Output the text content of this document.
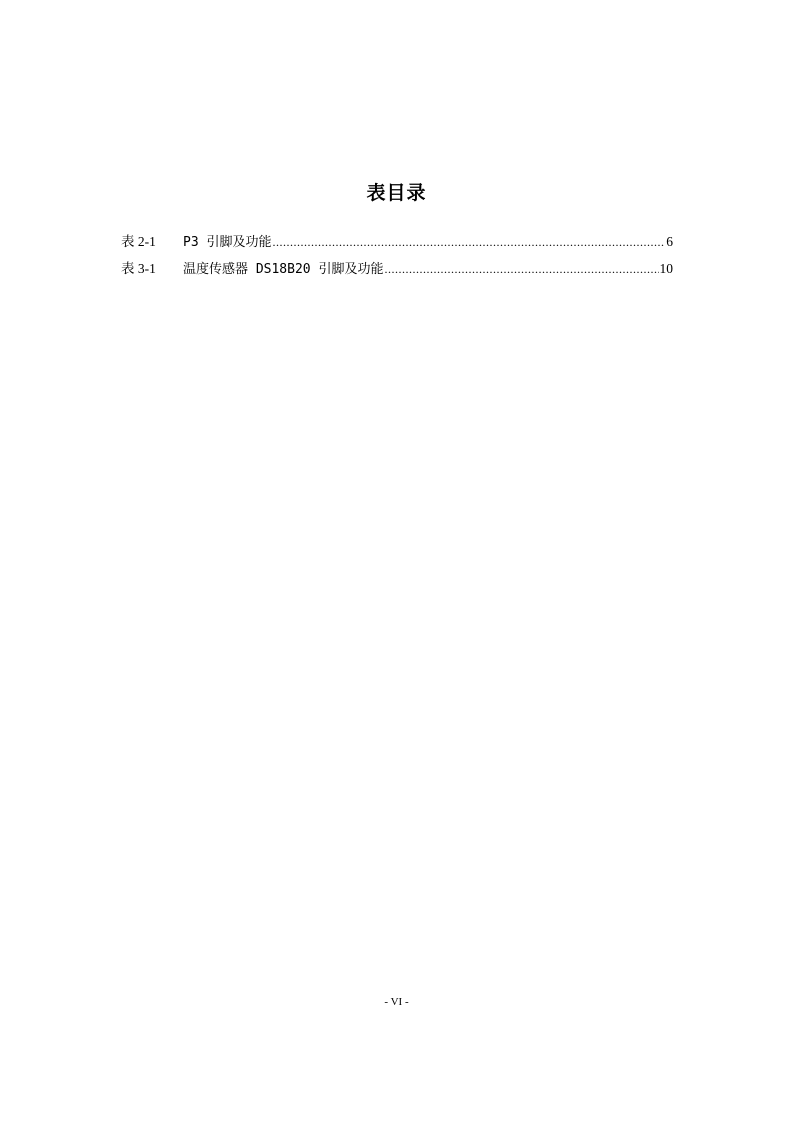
表目录
表 2-1	P3 引脚及功能 .....	6
表 3-1	温度传感器 DS18B20 引脚及功能 .....	10
- VI -
